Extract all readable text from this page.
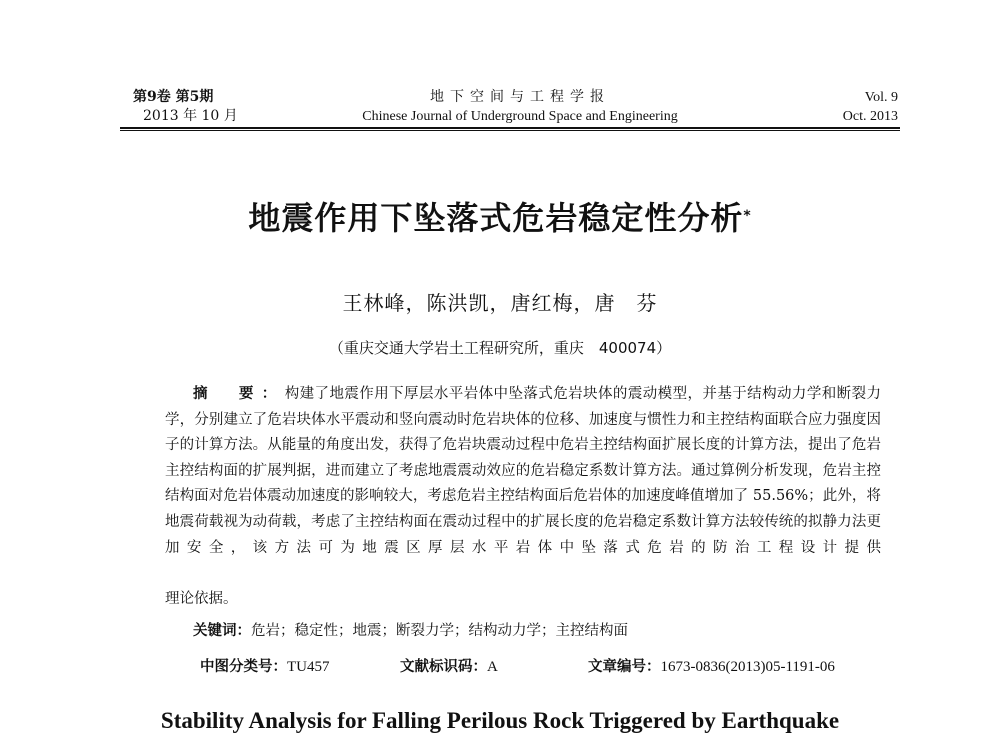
第9卷 第5期
2013 年 10 月
地下空间与工程学报
Chinese Journal of Underground Space and Engineering
Vol. 9
Oct. 2013
地震作用下坠落式危岩稳定性分析*
王林峰，陈洪凯，唐红梅，唐　芬
（重庆交通大学岩土工程研究所，重庆　400074）
摘　要：构建了地震作用下厚层水平岩体中坠落式危岩块体的震动模型，并基于结构动力学和断裂力学，分别建立了危岩块体水平震动和竖向震动时危岩块体的位移、加速度与惯性力和主控结构面联合应力强度因子的计算方法。从能量的角度出发，获得了危岩块震动过程中危岩主控结构面扩展长度的计算方法，提出了危岩主控结构面的扩展判据，进而建立了考虑地震震动效应的危岩稳定系数计算方法。通过算例分析发现，危岩主控结构面对危岩体震动加速度的影响较大，考虑危岩主控结构面后危岩体的加速度峰值增加了 55.56%；此外，将地震荷载视为动荷载，考虑了主控结构面在震动过程中的扩展长度的危岩稳定系数计算方法较传统的拟静力法更加安全，该方法可为地震区厚层水平岩体中坠落式危岩的防治工程设计提供
理论依据。
关键词：危岩；稳定性；地震；断裂力学；结构动力学；主控结构面
中图分类号：TU457	文献标识码：A	文章编号：1673-0836(2013)05-1191-06
Stability Analysis for Falling Perilous Rock Triggered by Earthquake
